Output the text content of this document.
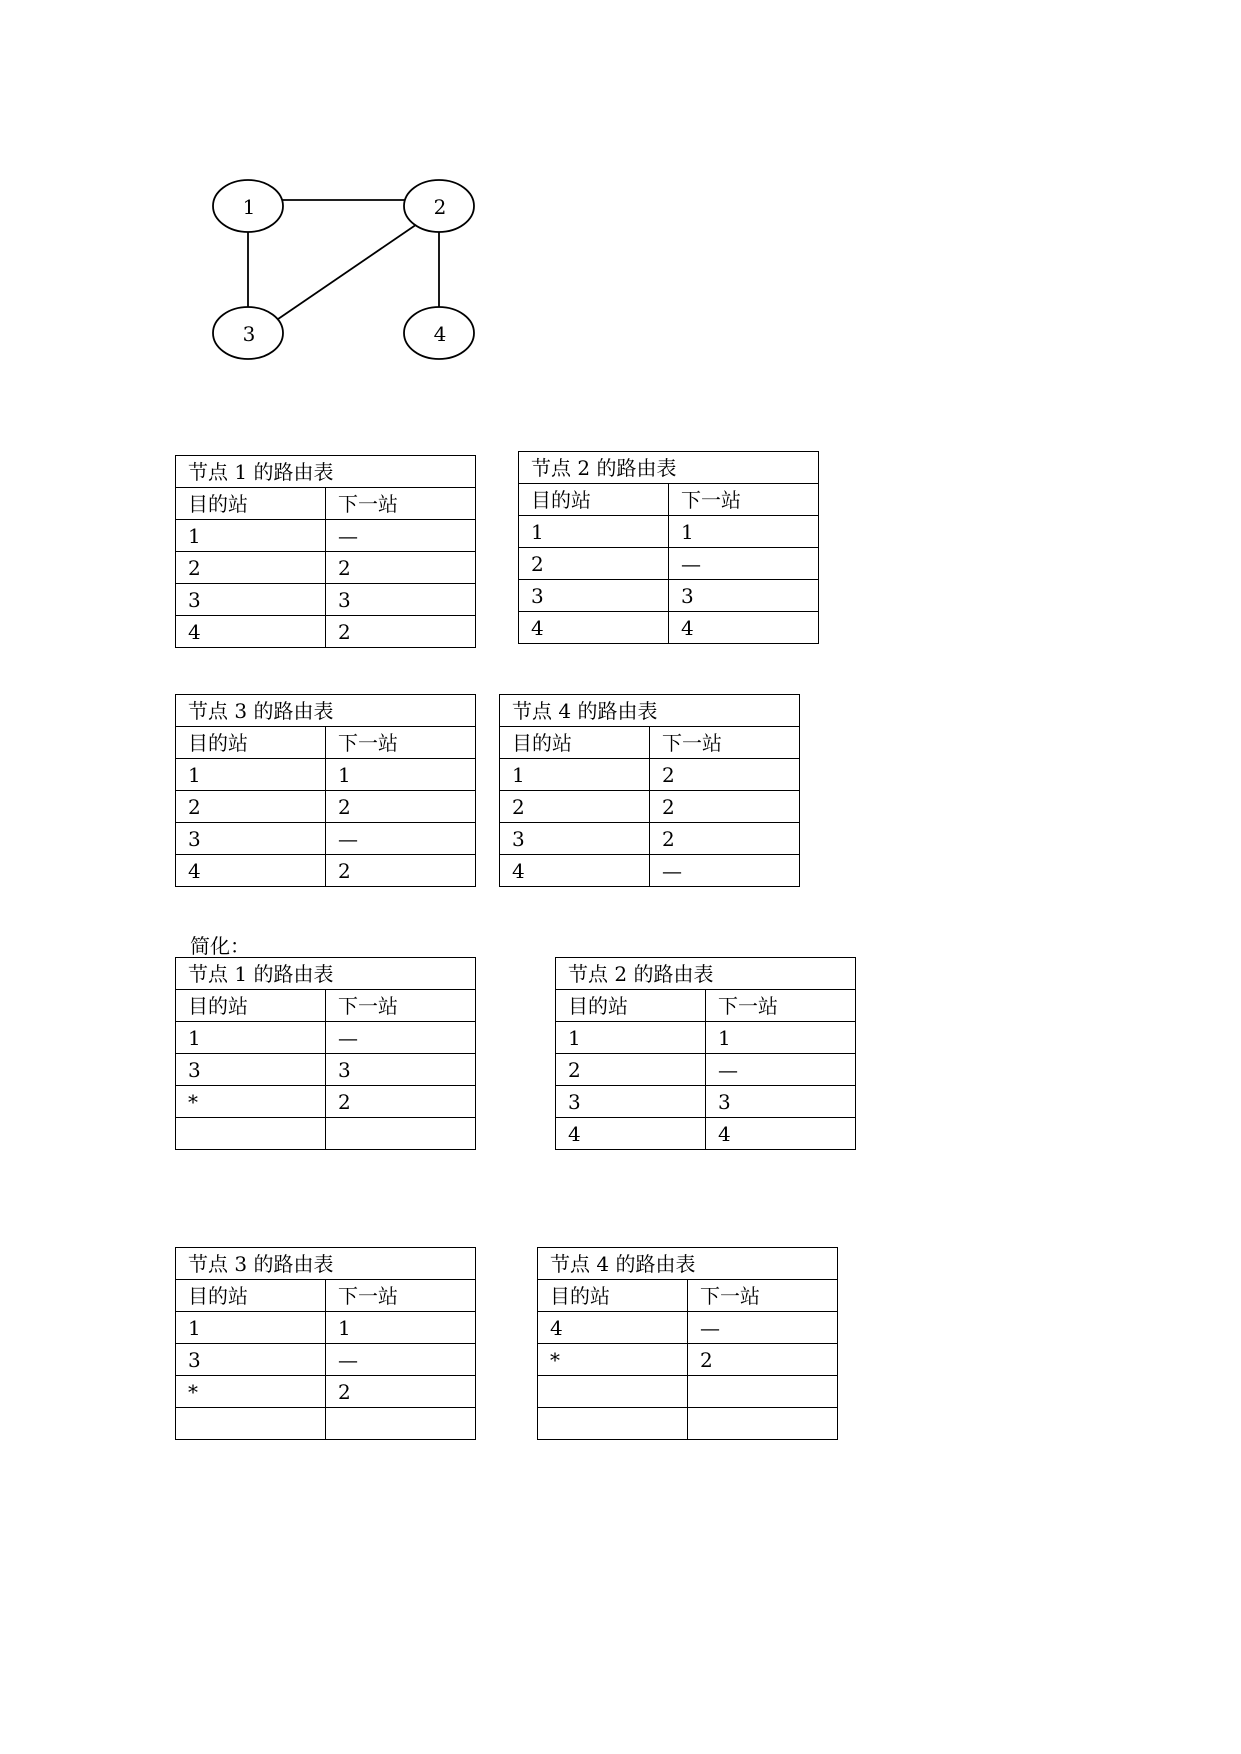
1	2
3	4
节点 1 的路由表	
目的站	下一站
1	—
2	2
3	3
4	2
节点 2 的路由表	
目的站	下一站
1	1
2	—
3	3
4	4
节点 3 的路由表	
目的站	下一站
1	1
2	2
3	—
4	2
节点 4 的路由表	
目的站	下一站
1	2
2	2
3	2
4	—
简化：
节点 1 的路由表	
目的站	下一站
1	—
3	3
*	2

节点 2 的路由表	
目的站	下一站
1	1
2	—
3	3
4	4
节点 3 的路由表	
目的站	下一站
1	1
3	—
*	2

节点 4 的路由表	
目的站	下一站
4	—
*	2
